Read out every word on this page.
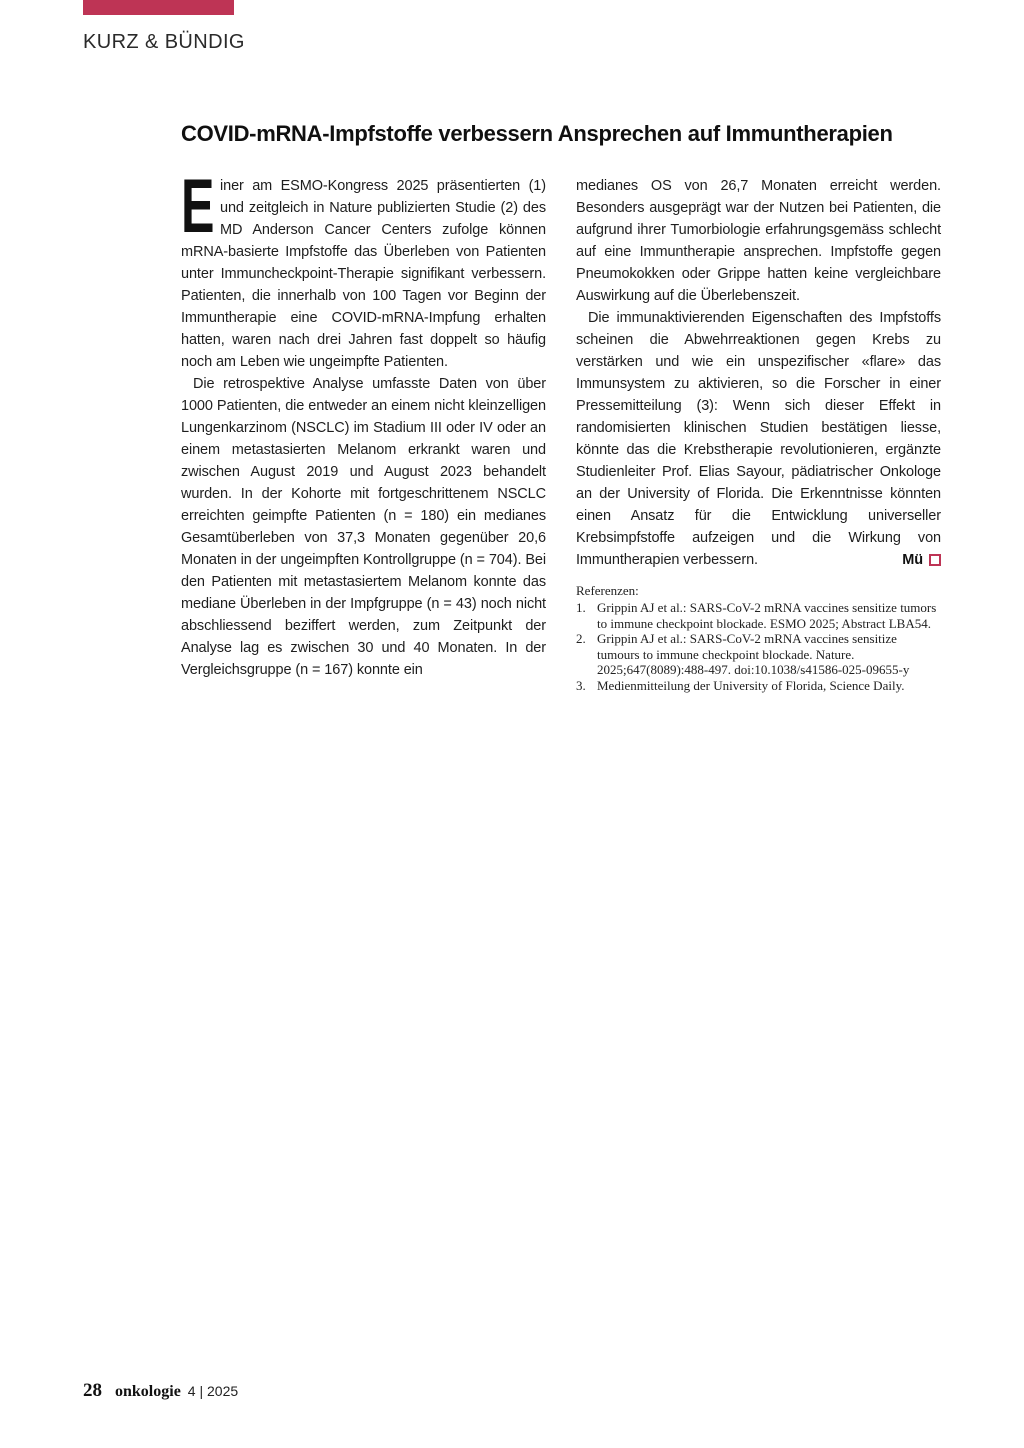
KURZ & BÜNDIG
COVID-mRNA-Impfstoffe verbessern Ansprechen auf Immuntherapien

Einer am ESMO-Kongress 2025 präsentierten (1) und zeitgleich in Nature publizierten Studie (2) des MD Anderson Cancer Centers zufolge können mRNA-basierte Impfstoffe das Überleben von Patienten unter Immuncheckpoint-Therapie signifikant verbessern. Patienten, die innerhalb von 100 Tagen vor Beginn der Immuntherapie eine COVID-mRNA-Impfung erhalten hatten, waren nach drei Jahren fast doppelt so häufig noch am Leben wie ungeimpfte Patienten.

Die retrospektive Analyse umfasste Daten von über 1000 Patienten, die entweder an einem nicht kleinzelligen Lungenkarzinom (NSCLC) im Stadium III oder IV oder an einem metastasierten Melanom erkrankt waren und zwischen August 2019 und August 2023 behandelt wurden. In der Kohorte mit fortgeschrittenem NSCLC erreichten geimpfte Patienten (n = 180) ein medianes Gesamtüberleben von 37,3 Monaten gegenüber 20,6 Monaten in der ungeimpften Kontrollgruppe (n = 704). Bei den Patienten mit metastasiertem Melanom konnte das mediane Überleben in der Impfgruppe (n = 43) noch nicht abschliessend beziffert werden, zum Zeitpunkt der Analyse lag es zwischen 30 und 40 Monaten. In der Vergleichsgruppe (n = 167) konnte ein

medianes OS von 26,7 Monaten erreicht werden. Besonders ausgeprägt war der Nutzen bei Patienten, die aufgrund ihrer Tumorbiologie erfahrungsgemäss schlecht auf eine Immuntherapie ansprechen. Impfstoffe gegen Pneumokokken oder Grippe hatten keine vergleichbare Auswirkung auf die Überlebenszeit.

Die immunaktivierenden Eigenschaften des Impfstoffs scheinen die Abwehrreaktionen gegen Krebs zu verstärken und wie ein unspezifischer «flare» das Immunsystem zu aktivieren, so die Forscher in einer Pressemitteilung (3): Wenn sich dieser Effekt in randomisierten klinischen Studien bestätigen liesse, könnte das die Krebstherapie revolutionieren, ergänzte Studienleiter Prof. Elias Sayour, pädiatrischer Onkologe an der University of Florida. Die Erkenntnisse könnten einen Ansatz für die Entwicklung universeller Krebsimpfstoffe aufzeigen und die Wirkung von Immuntherapien verbessern.	Mü

Referenzen:
1. Grippin AJ et al.: SARS-CoV-2 mRNA vaccines sensitize tumors to immune checkpoint blockade. ESMO 2025; Abstract LBA54.
2. Grippin AJ et al.: SARS-CoV-2 mRNA vaccines sensitize tumours to immune checkpoint blockade. Nature. 2025;647(8089):488-497. doi:10.1038/s41586-025-09655-y
3. Medienmitteilung der University of Florida, Science Daily.
28 onkologie 4 | 2025
